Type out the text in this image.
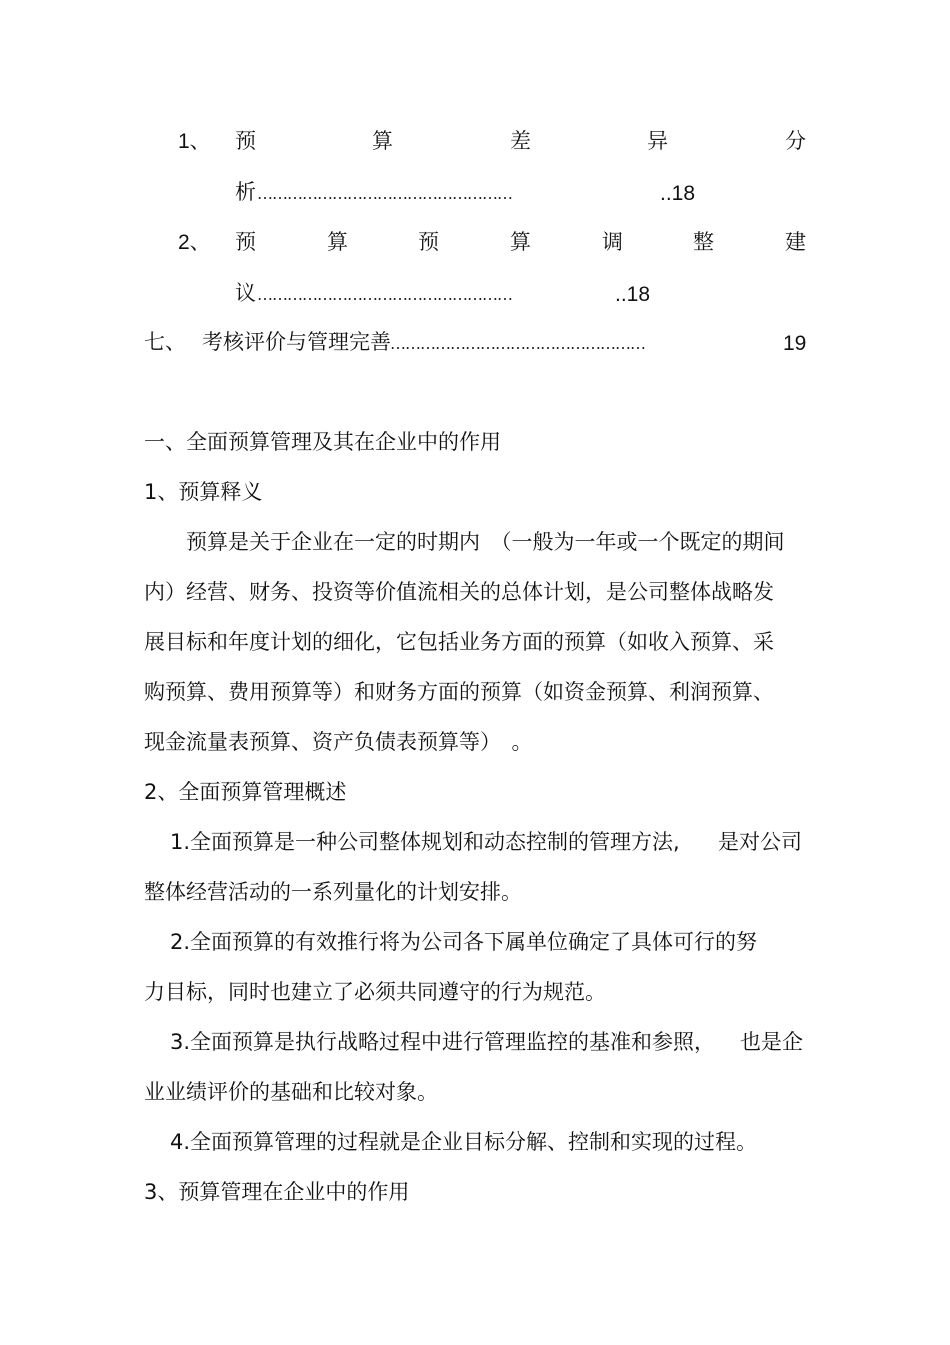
1、 预	算	差	异	分
析 ……………………………………………	..18
2、 预	算	预	算	调	整	建
议 ……………………………………………	..18
七、 考核评价与管理完善 ……………………………………………	19
一、全面预算管理及其在企业中的作用
1、预算释义
预算是关于企业在一定的时期内　（一般为一年或一个既定的期间
内）经营、财务、投资等价值流相关的总体计划，是公司整体战略发
展目标和年度计划的细化，它包括业务方面的预算（如收入预算、采
购预算、费用预算等）和财务方面的预算（如资金预算、利润预算、
现金流量表预算、资产负债表预算等）　。
2、全面预算管理概述
1.全面预算是一种公司整体规划和动态控制的管理方法, 是对公司
整体经营活动的一系列量化的计划安排。
2.全面预算的有效推行将为公司各下属单位确定了具体可行的努
力目标，同时也建立了必须共同遵守的行为规范。
3.全面预算是执行战略过程中进行管理监控的基准和参照， 也是企
业业绩评价的基础和比较对象。
4.全面预算管理的过程就是企业目标分解、控制和实现的过程。
3、预算管理在企业中的作用
